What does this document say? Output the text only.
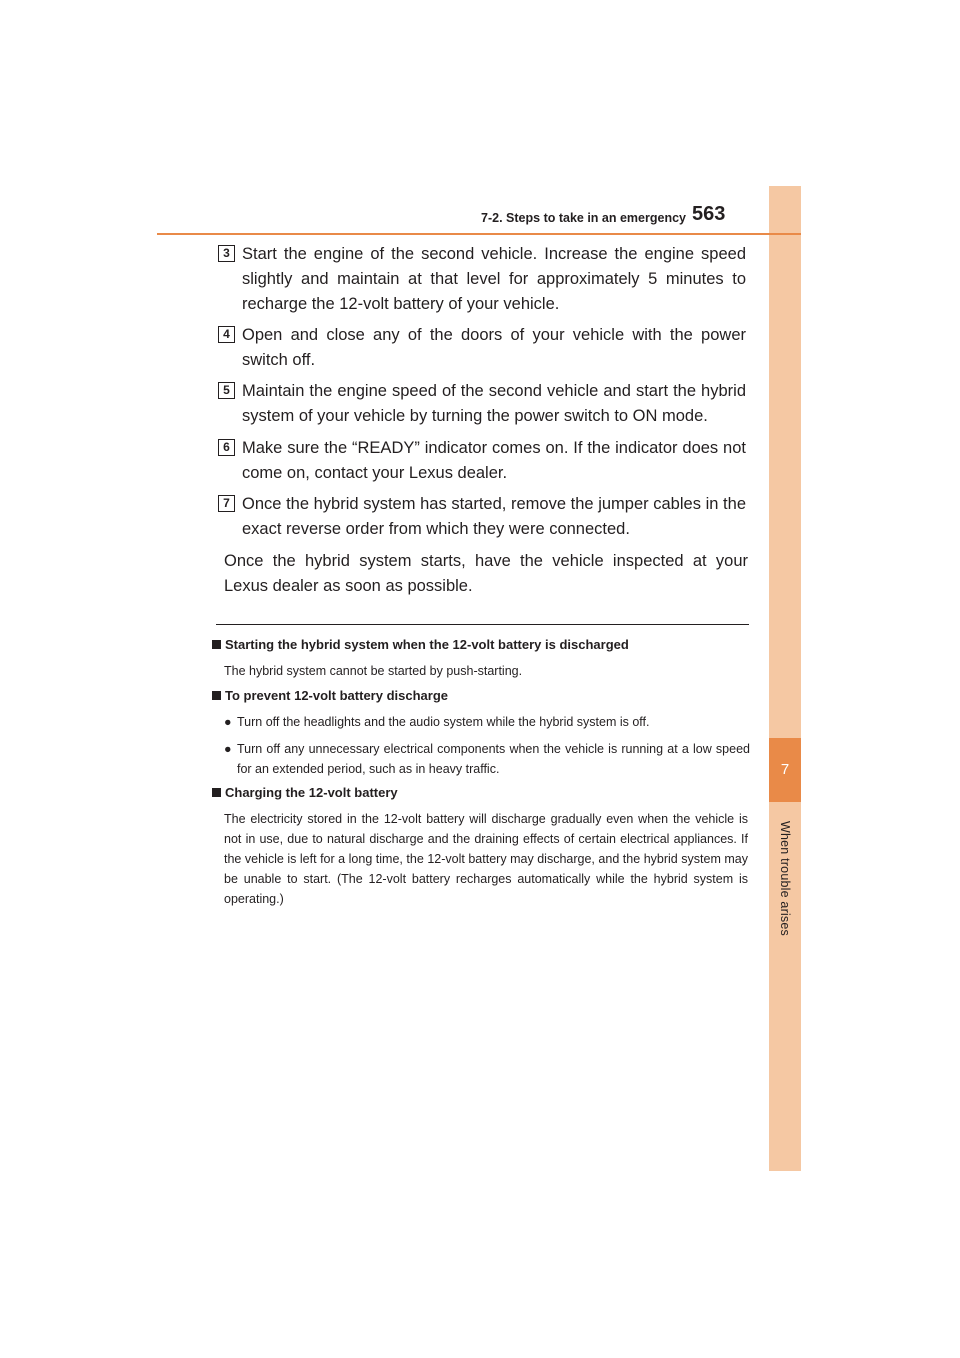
7
When trouble arises
7-2. Steps to take in an emergency 563
3 Start the engine of the second vehicle. Increase the engine speed slightly and maintain at that level for approximately 5 minutes to recharge the 12-volt battery of your vehicle.
4 Open and close any of the doors of your vehicle with the power switch off.
5 Maintain the engine speed of the second vehicle and start the hybrid system of your vehicle by turning the power switch to ON mode.
6 Make sure the “READY” indicator comes on. If the indicator does not come on, contact your Lexus dealer.
7 Once the hybrid system has started, remove the jumper cables in the exact reverse order from which they were connected.
Once the hybrid system starts, have the vehicle inspected at your Lexus dealer as soon as possible.
Starting the hybrid system when the 12-volt battery is discharged
The hybrid system cannot be started by push-starting.
To prevent 12-volt battery discharge
● Turn off the headlights and the audio system while the hybrid system is off.
● Turn off any unnecessary electrical components when the vehicle is running at a low speed for an extended period, such as in heavy traffic.
Charging the 12-volt battery
The electricity stored in the 12-volt battery will discharge gradually even when the vehicle is not in use, due to natural discharge and the draining effects of certain electrical appliances. If the vehicle is left for a long time, the 12-volt battery may discharge, and the hybrid system may be unable to start. (The 12-volt battery recharges automatically while the hybrid system is operating.)
